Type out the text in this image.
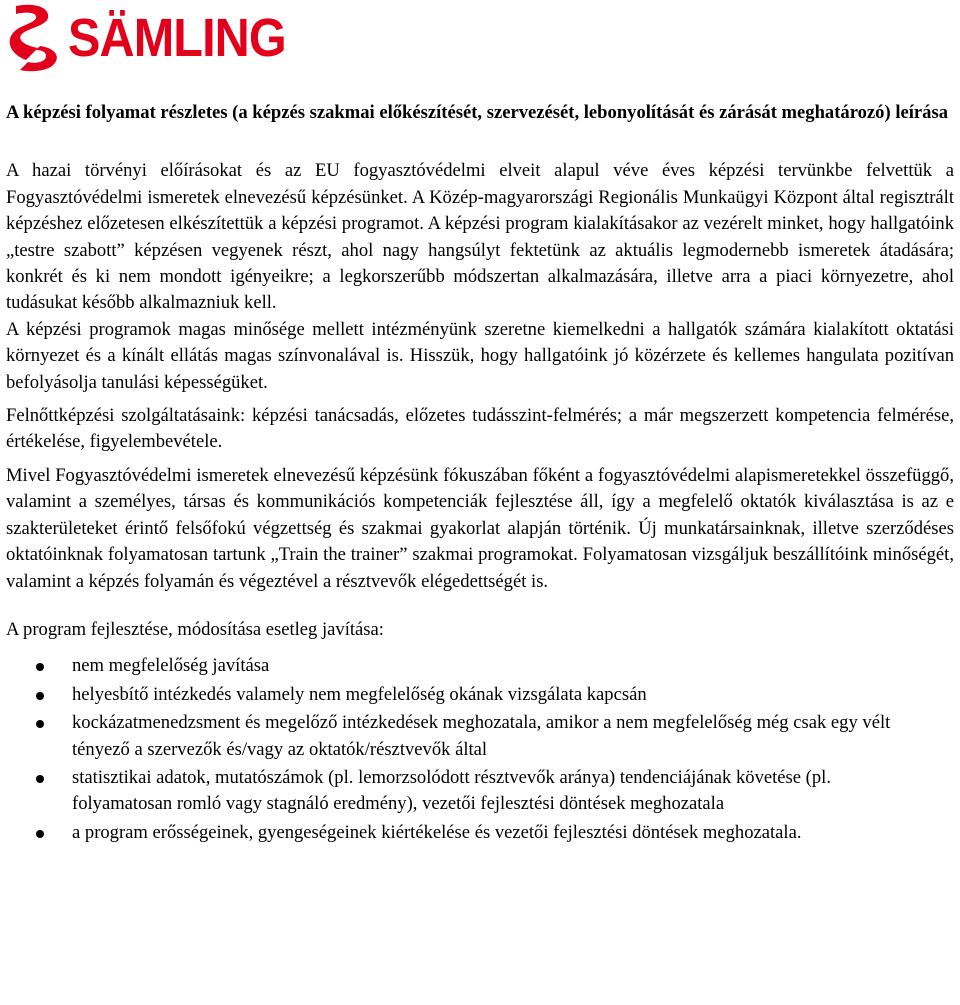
SÄMLING

A képzési folyamat részletes (a képzés szakmai előkészítését, szervezését, lebonyolítását és zárását meghatározó) leírása

A hazai törvényi előírásokat és az EU fogyasztóvédelmi elveit alapul véve éves képzési tervünkbe felvettük a Fogyasztóvédelmi ismeretek elnevezésű képzésünket. A Közép-magyarországi Regionális Munkaügyi Központ által regisztrált képzéshez előzetesen elkészítettük a képzési programot. A képzési program kialakításakor az vezérelt minket, hogy hallgatóink „testre szabott” képzésen vegyenek részt, ahol nagy hangsúlyt fektetünk az aktuális legmodernebb ismeretek átadására; konkrét és ki nem mondott igényeikre; a legkorszerűbb módszertan alkalmazására, illetve arra a piaci környezetre, ahol tudásukat később alkalmazniuk kell.

A képzési programok magas minősége mellett intézményünk szeretne kiemelkedni a hallgatók számára kialakított oktatási környezet és a kínált ellátás magas színvonalával is. Hisszük, hogy hallgatóink jó közérzete és kellemes hangulata pozitívan befolyásolja tanulási képességüket.

Felnőttképzési szolgáltatásaink: képzési tanácsadás, előzetes tudásszint-felmérés; a már megszerzett kompetencia felmérése, értékelése, figyelembevétele.

Mivel Fogyasztóvédelmi ismeretek elnevezésű képzésünk fókuszában főként a fogyasztóvédelmi alapismeretekkel összefüggő, valamint a személyes, társas és kommunikációs kompetenciák fejlesztése áll, így a megfelelő oktatók kiválasztása is az e szakterületeket érintő felsőfokú végzettség és szakmai gyakorlat alapján történik. Új munkatársainknak, illetve szerződéses oktatóinknak folyamatosan tartunk „Train the trainer” szakmai programokat. Folyamatosan vizsgáljuk beszállítóink minőségét, valamint a képzés folyamán és végeztével a résztvevők elégedettségét is.

A program fejlesztése, módosítása esetleg javítása:

nem megfelelőség javítása
helyesbítő intézkedés valamely nem megfelelőség okának vizsgálata kapcsán
kockázatmenedzsment és megelőző intézkedések meghozatala, amikor a nem megfelelőség még csak egy vélt tényező a szervezők és/vagy az oktatók/résztvevők által
statisztikai adatok, mutatószámok (pl. lemorzsolódott résztvevők aránya) tendenciájának követése (pl. folyamatosan romló vagy stagnáló eredmény), vezetői fejlesztési döntések meghozatala
a program erősségeinek, gyengeségeinek kiértékelése és vezetői fejlesztési döntések meghozatala.
